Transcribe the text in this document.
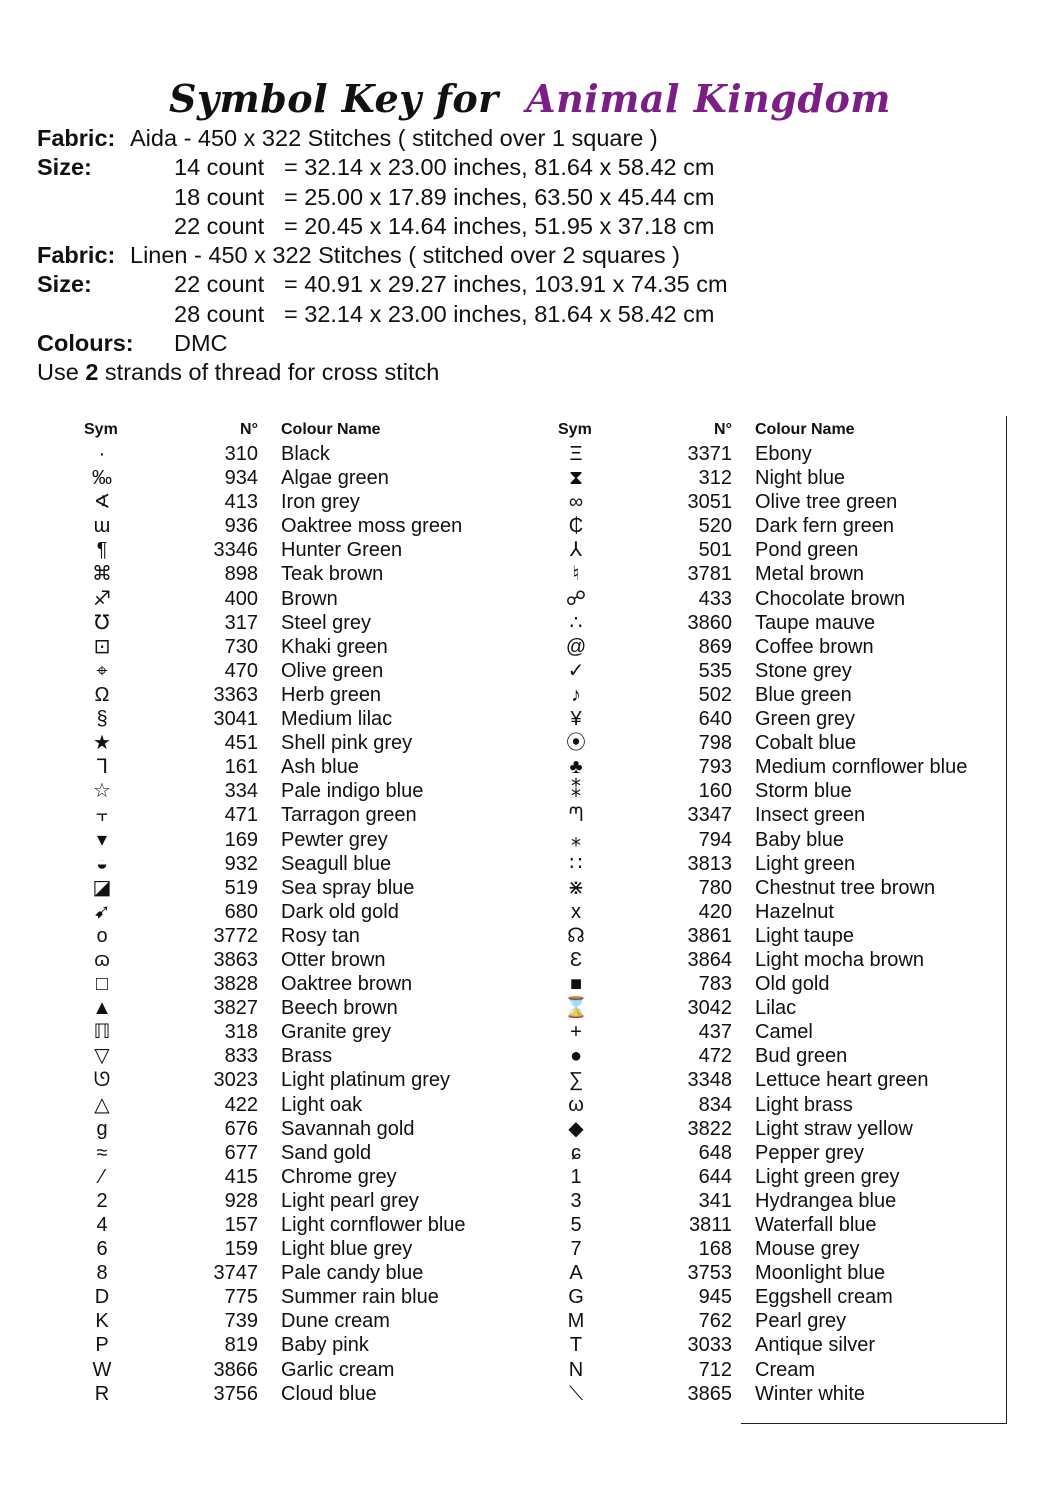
Symbol Key for Animal Kingdom
Fabric: Aida - 450 x 322 Stitches ( stitched over 1 square )
Size:	14 count = 32.14 x 23.00 inches, 81.64 x 58.42 cm
18 count = 25.00 x 17.89 inches, 63.50 x 45.44 cm
22 count = 20.45 x 14.64 inches, 51.95 x 37.18 cm
Fabric: Linen - 450 x 322 Stitches ( stitched over 2 squares )
Size:	22 count = 40.91 x 29.27 inches, 103.91 x 74.35 cm
28 count = 32.14 x 23.00 inches, 81.64 x 58.42 cm
Colours: DMC
Use 2 strands of thread for cross stitch
Sym	N° Colour Name
·	310 Black
‰	934 Algae green
∢	413 Iron grey
ɯ	936 Oaktree moss green
¶	3346 Hunter Green
⌘	898 Teak brown
♐	400 Brown
℧	317 Steel grey
⊡	730 Khaki green
⌖	470 Olive green
Ω	3363 Herb green
§	3041 Medium lilac
★	451 Shell pink grey
ᒣ	161 Ash blue
☆	334 Pale indigo blue
⫟	471 Tarragon green
▾	169 Pewter grey
◒	932 Seagull blue
◪	519 Sea spray blue
➹	680 Dark old gold
o	3772 Rosy tan
ɷ	3863 Otter brown
□	3828 Oaktree brown
▲	3827 Beech brown
ℿ	318 Granite grey
▽	833 Brass
ᘎ	3023 Light platinum grey
△	422 Light oak
g	676 Savannah gold
≈	677 Sand gold
⁄	415 Chrome grey
2	928 Light pearl grey
4	157 Light cornflower blue
6	159 Light blue grey
8	3747 Pale candy blue
D	775 Summer rain blue
K	739 Dune cream
P	819 Baby pink
W	3866 Garlic cream
R	3756 Cloud blue
Sym	N° Colour Name
Ξ	3371 Ebony
⧗	312 Night blue
∞	3051 Olive tree green
₵	520 Dark fern green
⅄	501 Pond green
♮	3781 Metal brown
☍	433 Chocolate brown
∴	3860 Taupe mauve
@	869 Coffee brown
✓	535 Stone grey
♪	502 Blue green
¥	640 Green grey
⦿	798 Cobalt blue
♣	793 Medium cornflower blue
⁑	160 Storm blue
ᘉ	3347 Insect green
⁎	794 Baby blue
∷	3813 Light green
⋇	780 Chestnut tree brown
x	420 Hazelnut
☊	3861 Light taupe
Ɛ	3864 Light mocha brown
■	783 Old gold
⌛	3042 Lilac
+	437 Camel
●	472 Bud green
∑	3348 Lettuce heart green
ω	834 Light brass
◆	3822 Light straw yellow
ɕ	648 Pepper grey
1	644 Light green grey
3	341 Hydrangea blue
5	3811 Waterfall blue
7	168 Mouse grey
A	3753 Moonlight blue
G	945 Eggshell cream
M	762 Pearl grey
T	3033 Antique silver
N	712 Cream
⟍	3865 Winter white
